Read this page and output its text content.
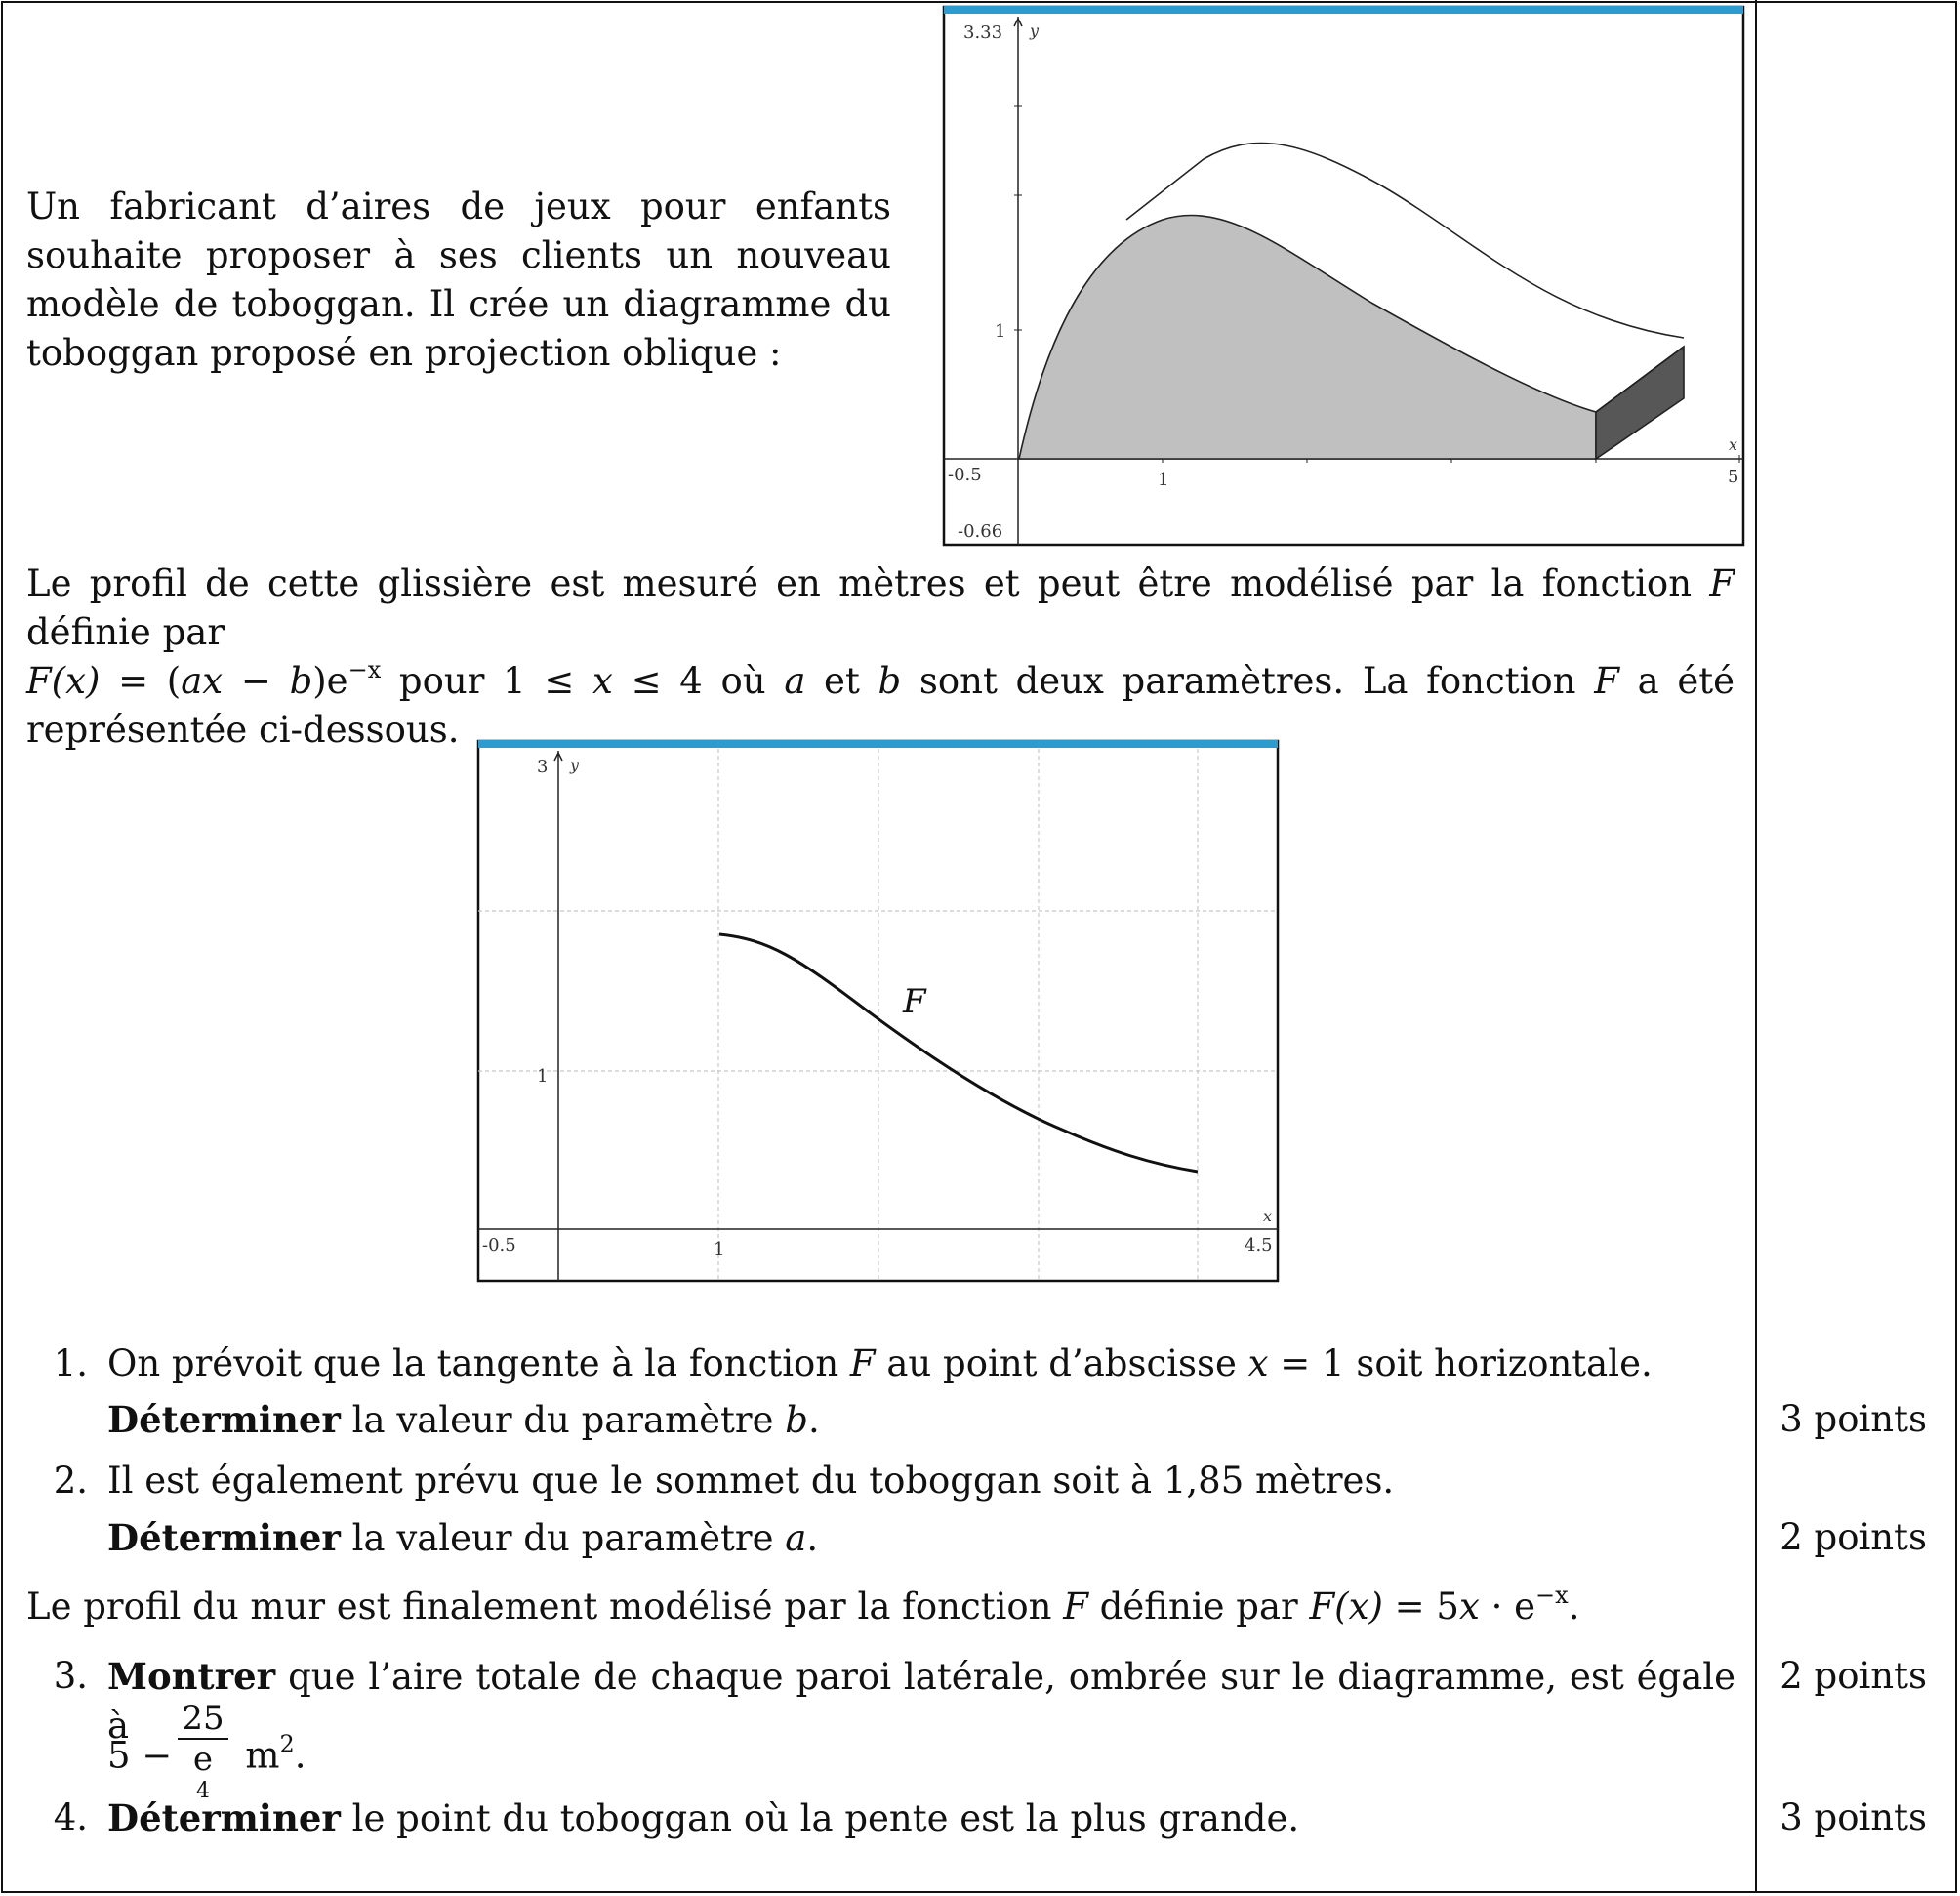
Un fabricant d’aires de jeux pour enfants souhaite proposer à ses clients un nouveau modèle de toboggan. Il crée un diagramme du toboggan proposé en projection oblique :
3.33 y
1
-0.5	1
x
5
-0.66
Le profil de cette glissière est mesuré en mètres et peut être modélisé par la fonction F définie par
$F(x) = (ax - b)e^{-x}$ pour 1 ≤ x ≤ 4 où a et b sont deux paramètres. La fonction F a été représentée ci-dessous.
3 y
1
-0.5	1
x
4.5
F
1. On prévoit que la tangente à la fonction F au point d’abscisse x = 1 soit horizontale.
Déterminer la valeur du paramètre b.	3 points
2. Il est également prévu que le sommet du toboggan soit à 1,85 mètres.
Déterminer la valeur du paramètre a.	2 points
Le profil du mur est finalement modélisé par la fonction F définie par $F(x) = 5x \cdot e^{-x}$.
3. Montrer que l’aire totale de chaque paroi latérale, ombrée sur le diagramme, est égale à
5 − 25
e
$^4$ $m^2$.
2 points
4. Déterminer le point du toboggan où la pente est la plus grande.	3 points
